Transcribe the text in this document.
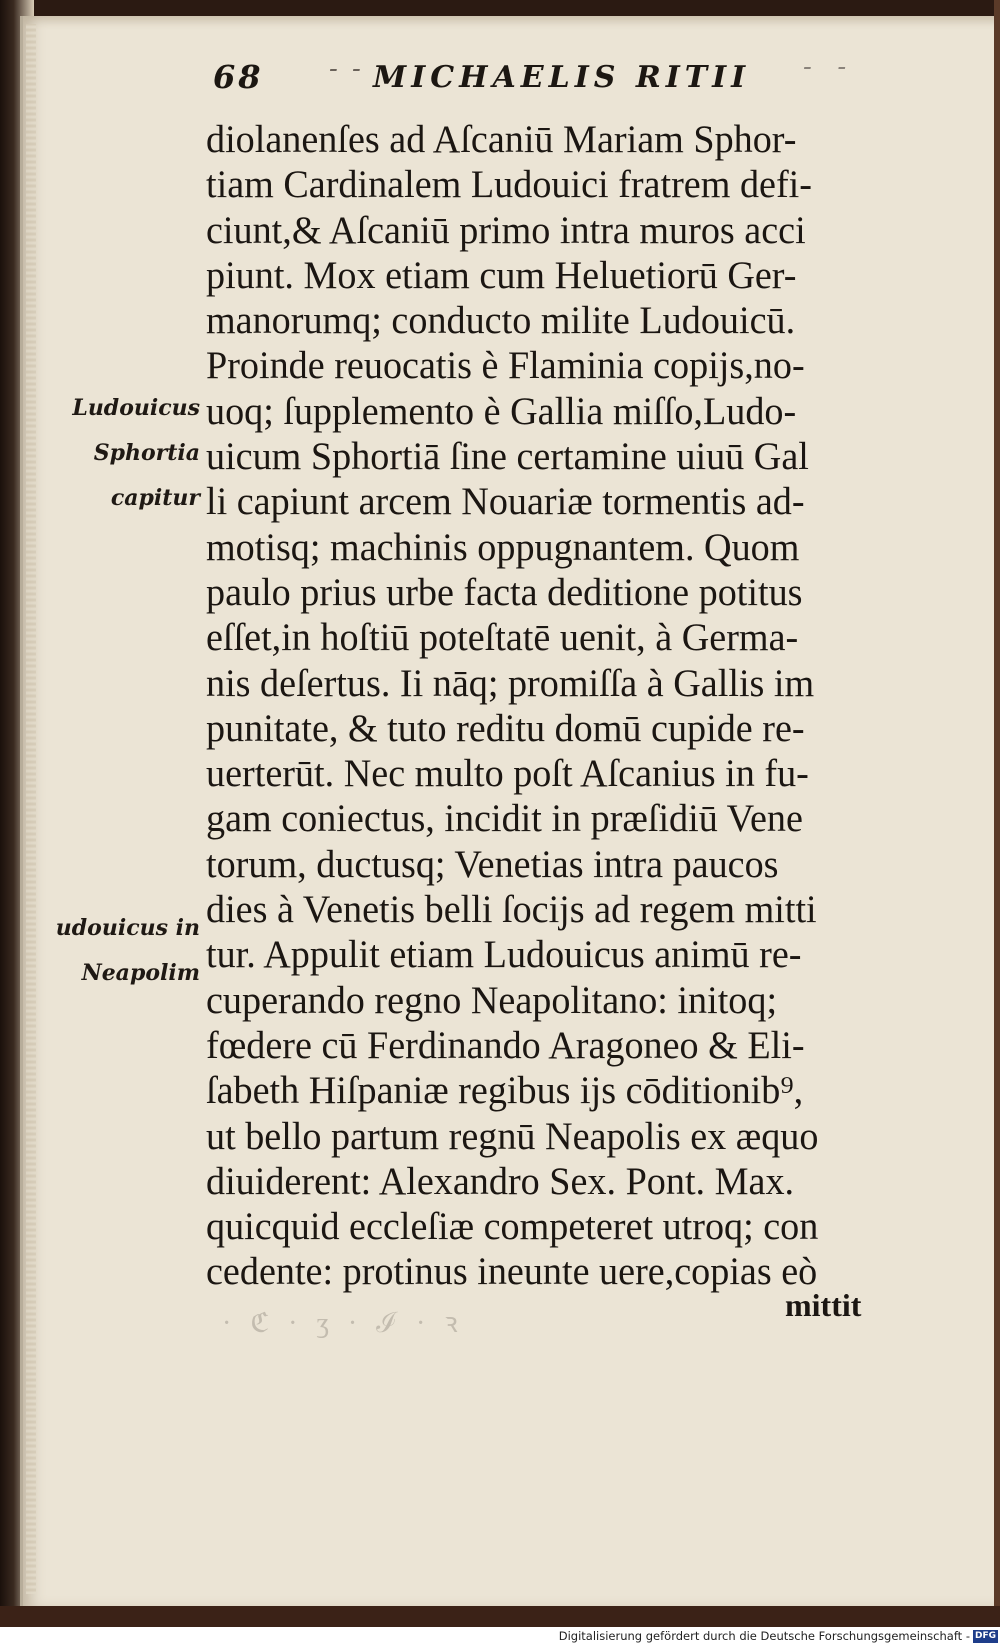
68	- - MICHAELIS RITII -  -
Ludouicus
Sphortia
capitur
udouicus in
Neapolim
diolanenſes ad Aſcaniū Mariam Sphor-
tiam Cardinalem Ludouici fratrem defi-
ciunt,& Aſcaniū primo intra muros acci
piunt. Mox etiam cum Heluetiorū Ger-
manorumq; conducto milite Ludouicū.
Proinde reuocatis è Flaminia copijs,no-
uoq; ſupplemento è Gallia miſſo,Ludo-
uicum Sphortiā ſine certamine uiuū Gal
li capiunt arcem Nouariæ tormentis ad-
motisq; machinis oppugnantem. Quom
paulo prius urbe facta deditione potitus
eſſet,in hoſtiū poteſtatē uenit, à Germa-
nis deſertus. Ii nāq; promiſſa à Gallis im
punitate, & tuto reditu domū cupide re-
uerterūt. Nec multo poſt Aſcanius in fu-
gam coniectus, incidit in præſidiū Vene
torum, ductusq; Venetias intra paucos
dies à Venetis belli ſocijs ad regem mitti
tur. Appulit etiam Ludouicus animū re-
cuperando regno Neapolitano: initoq;
fœdere cū Ferdinando Aragoneo & Eli-
ſabeth Hiſpaniæ regibus ijs cōditionib⁹,
ut bello partum regnū Neapolis ex æquo
diuiderent: Alexandro Sex. Pont. Max.
quicquid eccleſiæ competeret utroq; con
cedente: protinus ineunte uere,copias eò
· ℭ · ʒ · ℐ · ꝛ
mittit
Digitalisierung gefördert durch die Deutsche Forschungsgemeinschaft - DFG
